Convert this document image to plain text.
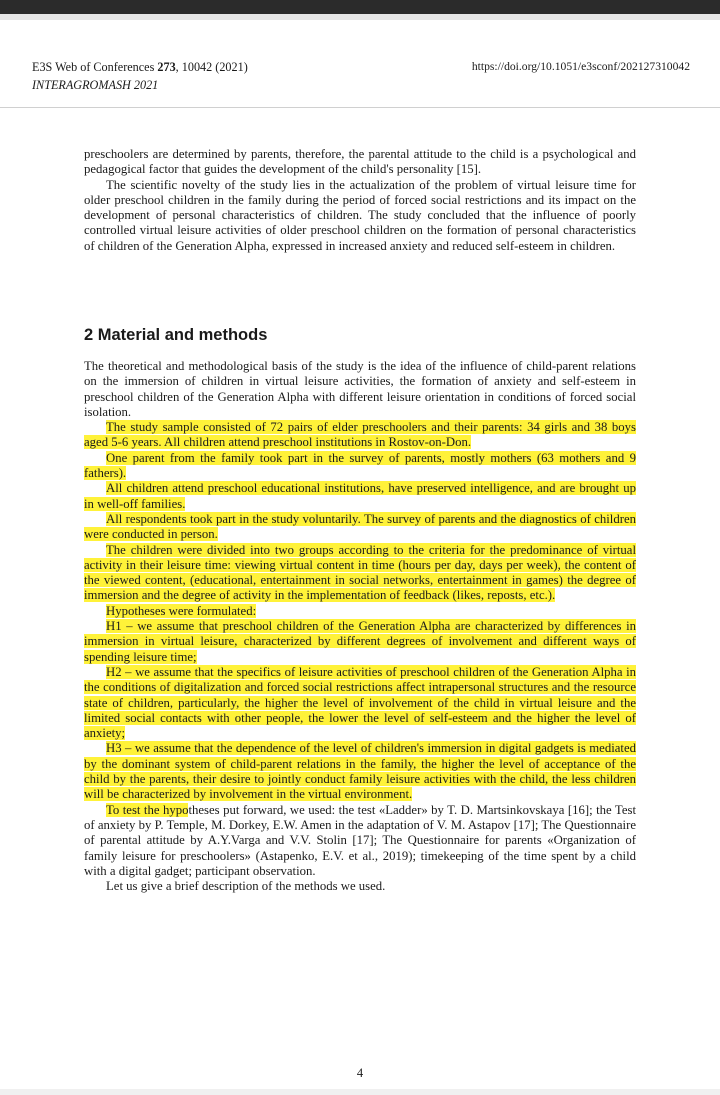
E3S Web of Conferences 273, 10042 (2021)
INTERAGROMASH 2021
https://doi.org/10.1051/e3sconf/202127310042

preschoolers are determined by parents, therefore, the parental attitude to the child is a psychological and pedagogical factor that guides the development of the child's personality [15].

The scientific novelty of the study lies in the actualization of the problem of virtual leisure time for older preschool children in the family during the period of forced social restrictions and its impact on the development of personal characteristics of children. The study concluded that the influence of poorly controlled virtual leisure activities of older preschool children on the formation of personal characteristics of children of the Generation Alpha, expressed in increased anxiety and reduced self-esteem in children.

2 Material and methods

The theoretical and methodological basis of the study is the idea of the influence of child-parent relations on the immersion of children in virtual leisure activities, the formation of anxiety and self-esteem in preschool children of the Generation Alpha with different leisure orientation in conditions of forced social isolation.

The study sample consisted of 72 pairs of elder preschoolers and their parents: 34 girls and 38 boys aged 5-6 years. All children attend preschool institutions in Rostov-on-Don.

One parent from the family took part in the survey of parents, mostly mothers (63 mothers and 9 fathers).

All children attend preschool educational institutions, have preserved intelligence, and are brought up in well-off families.

All respondents took part in the study voluntarily. The survey of parents and the diagnostics of children were conducted in person.

The children were divided into two groups according to the criteria for the predominance of virtual activity in their leisure time: viewing virtual content in time (hours per day, days per week), the content of the viewed content, (educational, entertainment in social networks, entertainment in games) the degree of immersion and the degree of activity in the implementation of feedback (likes, reposts, etc.).

Hypotheses were formulated:

H1 – we assume that preschool children of the Generation Alpha are characterized by differences in immersion in virtual leisure, characterized by different degrees of involvement and different ways of spending leisure time;

H2 – we assume that the specifics of leisure activities of preschool children of the Generation Alpha in the conditions of digitalization and forced social restrictions affect intrapersonal structures and the resource state of children, particularly, the higher the level of involvement of the child in virtual leisure and the limited social contacts with other people, the lower the level of self-esteem and the higher the level of anxiety;

H3 – we assume that the dependence of the level of children's immersion in digital gadgets is mediated by the dominant system of child-parent relations in the family, the higher the level of acceptance of the child by the parents, their desire to jointly conduct family leisure activities with the child, the less children will be characterized by involvement in the virtual environment.

To test the hypotheses put forward, we used: the test «Ladder» by T. D. Martsinkovskaya [16]; the Test of anxiety by P. Temple, M. Dorkey, E.W. Amen in the adaptation of V. M. Astapov [17]; The Questionnaire of parental attitude by A.Y.Varga and V.V. Stolin [17]; The Questionnaire for parents «Organization of family leisure for preschoolers» (Astapenko, E.V. et al., 2019); timekeeping of the time spent by a child with a digital gadget; participant observation.

Let us give a brief description of the methods we used.

4
